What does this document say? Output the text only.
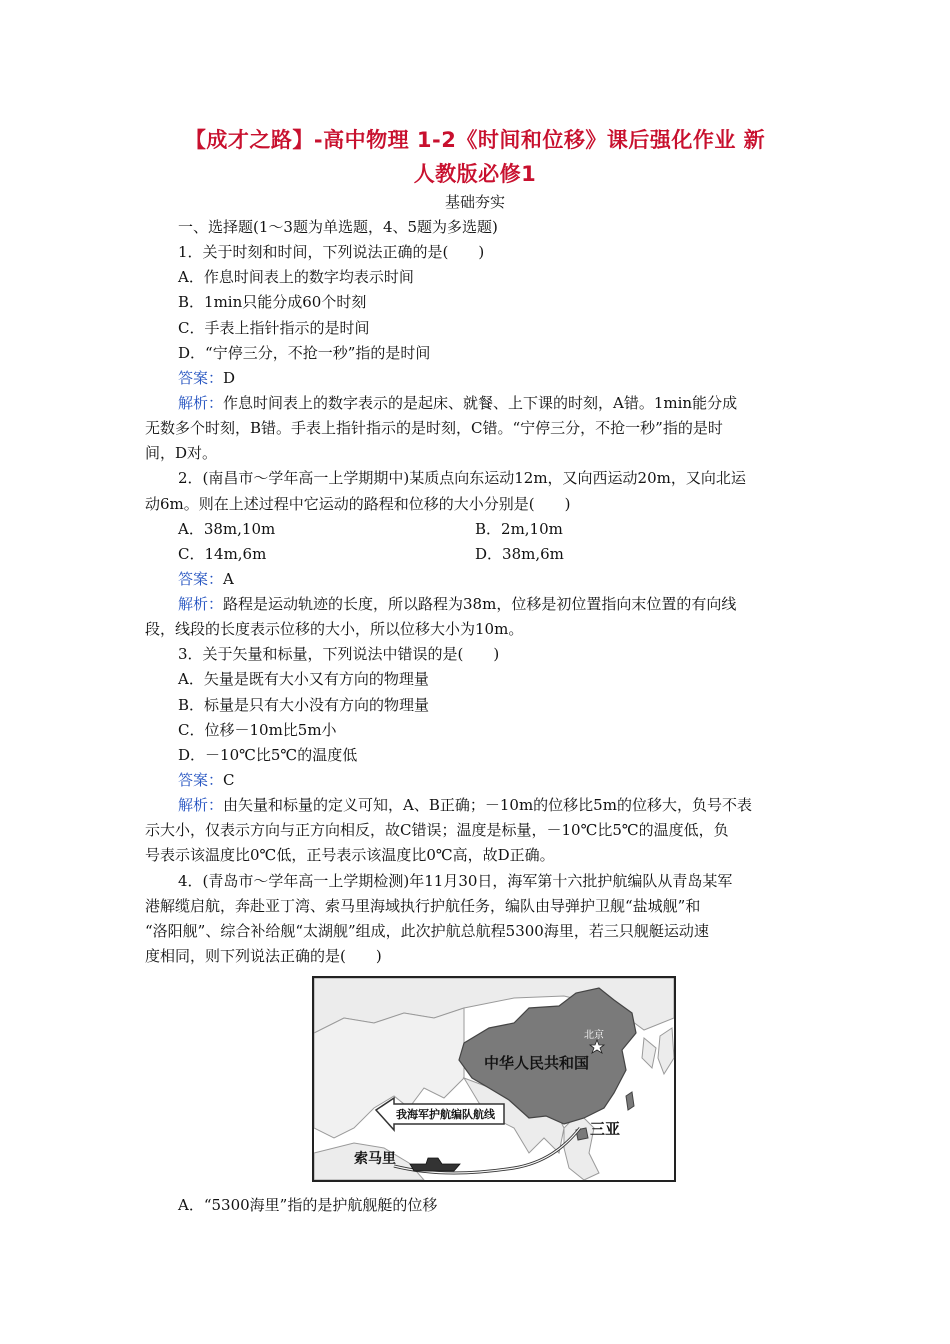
【成才之路】-高中物理 1-2《时间和位移》课后强化作业 新
人教版必修1
基础夯实
一、选择题(1～3题为单选题，4、5题为多选题)
1．关于时刻和时间，下列说法正确的是(　　)
A．作息时间表上的数字均表示时间
B．1min只能分成60个时刻
C．手表上指针指示的是时间
D．“宁停三分，不抢一秒”指的是时间
答案：D
解析：作息时间表上的数字表示的是起床、就餐、上下课的时刻，A错。1min能分成
无数多个时刻，B错。手表上指针指示的是时刻，C错。“宁停三分，不抢一秒”指的是时
间，D对。
2．(南昌市～学年高一上学期期中)某质点向东运动12m，又向西运动20m，又向北运
动6m。则在上述过程中它运动的路程和位移的大小分别是(　　)
A．38m,10m	B．2m,10m
C．14m,6m	D．38m,6m
答案：A
解析：路程是运动轨迹的长度，所以路程为38m，位移是初位置指向末位置的有向线
段，线段的长度表示位移的大小，所以位移大小为10m。
3．关于矢量和标量，下列说法中错误的是(　　)
A．矢量是既有大小又有方向的物理量
B．标量是只有大小没有方向的物理量
C．位移－10m比5m小
D．－10℃比5℃的温度低
答案：C
解析：由矢量和标量的定义可知，A、B正确；－10m的位移比5m的位移大，负号不表
示大小，仅表示方向与正方向相反，故C错误；温度是标量，－10℃比5℃的温度低，负
号表示该温度比0℃低，正号表示该温度比0℃高，故D正确。
4．(青岛市～学年高一上学期检测)年11月30日，海军第十六批护航编队从青岛某军
港解缆启航，奔赴亚丁湾、索马里海域执行护航任务，编队由导弹护卫舰“盐城舰”和
“洛阳舰”、综合补给舰“太湖舰”组成，此次护航总航程5300海里，若三只舰艇运动速
度相同，则下列说法正确的是(　　)
中华人民共和国
北京
三亚
我海军护航编队航线
索马里
A．“5300海里”指的是护航舰艇的位移
